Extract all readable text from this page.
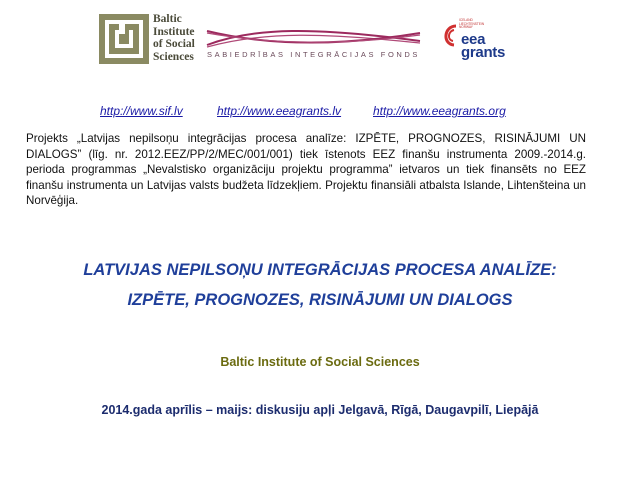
Baltic
Institute
of Social
Sciences SABIEDRĪBAS INTEGRĀCIJAS FONDS
ICELAND LIECHTENSTEIN NORWAY
eea
grants
http://www.sif.lv	http://www.eeagrants.lv	http://www.eeagrants.org
Projekts „Latvijas nepilsoņu integrācijas procesa analīze: IZPĒTE, PROGNOZES, RISINĀJUMI UN DIALOGS” (līg. nr. 2012.EEZ/PP/2/MEC/001/001) tiek īstenots EEZ finanšu instrumenta 2009.-2014.g. perioda programmas „Nevalstisko organizāciju projektu programma” ietvaros un tiek finansēts no EEZ finanšu instrumenta un Latvijas valsts budžeta līdzekļiem. Projektu finansiāli atbalsta Islande, Lihtenšteina un Norvēģija.
LATVIJAS NEPILSOŅU INTEGRĀCIJAS PROCESA ANALĪZE:
IZPĒTE, PROGNOZES, RISINĀJUMI UN DIALOGS
Baltic Institute of Social Sciences
2014.gada aprīlis – maijs: diskusiju apļi Jelgavā, Rīgā, Daugavpilī, Liepājā
